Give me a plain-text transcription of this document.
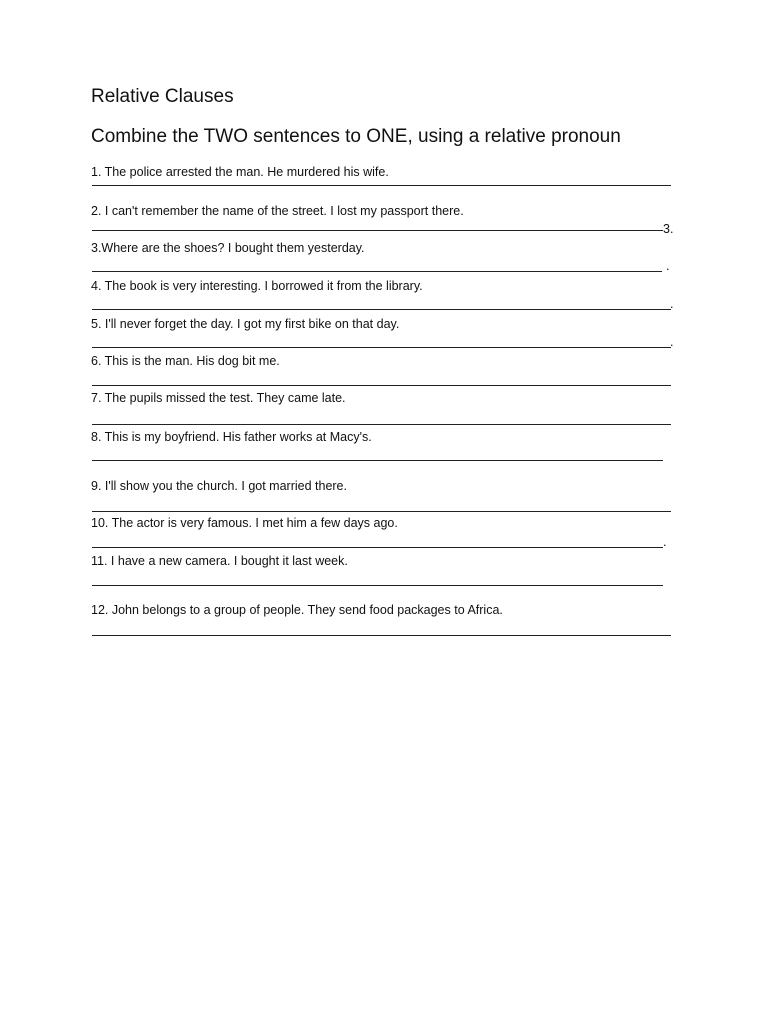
Relative Clauses
Combine the TWO sentences to ONE, using a relative pronoun
1. The police arrested the man. He murdered his wife.
2. I can't remember the name of the street. I lost my passport there.
3.
3.Where are the shoes? I bought them yesterday.
.
4. The book is very interesting. I borrowed it from the library.
.
5. I'll never forget the day. I got my first bike on that day.
.
6. This is the man. His dog bit me.
7. The pupils missed the test. They came late.
8. This is my boyfriend. His father works at Macy's.
9. I'll show you the church. I got married there.
10. The actor is very famous. I met him a few days ago.
.
11. I have a new camera. I bought it last week.
12. John belongs to a group of people. They send food packages to Africa.
